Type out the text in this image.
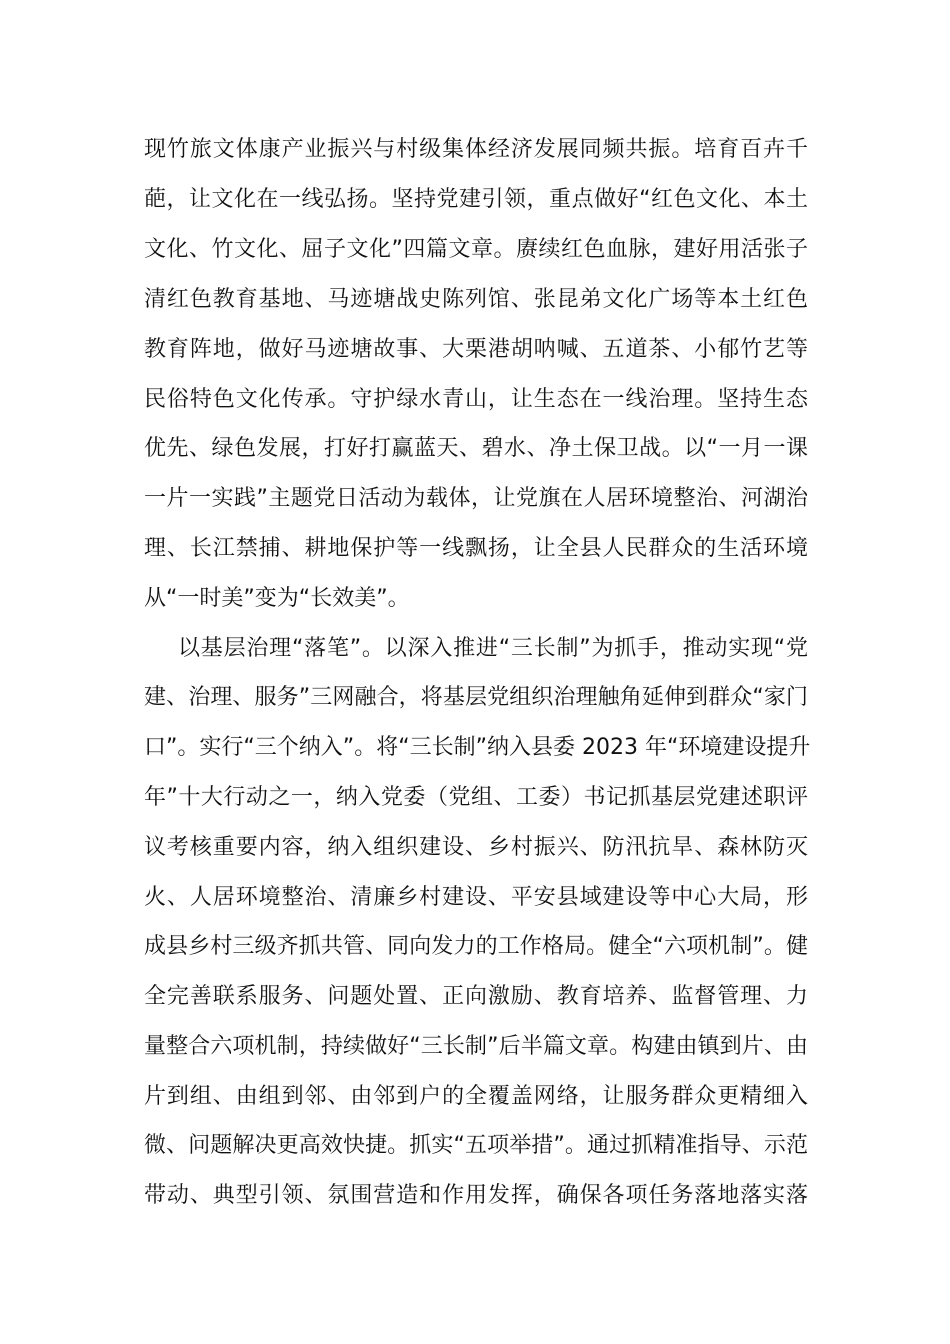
现竹旅文体康产业振兴与村级集体经济发展同频共振。培育百卉千
葩，让文化在一线弘扬。坚持党建引领，重点做好“红色文化、本土
文化、竹文化、屈子文化”四篇文章。赓续红色血脉，建好用活张子
清红色教育基地、马迹塘战史陈列馆、张昆弟文化广场等本土红色
教育阵地，做好马迹塘故事、大栗港胡呐喊、五道茶、小郁竹艺等
民俗特色文化传承。守护绿水青山，让生态在一线治理。坚持生态
优先、绿色发展，打好打赢蓝天、碧水、净土保卫战。以“一月一课
一片一实践”主题党日活动为载体，让党旗在人居环境整治、河湖治
理、长江禁捕、耕地保护等一线飘扬，让全县人民群众的生活环境
从“一时美”变为“长效美”。
以基层治理“落笔”。以深入推进“三长制”为抓手，推动实现“党
建、治理、服务”三网融合，将基层党组织治理触角延伸到群众“家门
口”。实行“三个纳入”。将“三长制”纳入县委 2023 年“环境建设提升
年”十大行动之一，纳入党委（党组、工委）书记抓基层党建述职评
议考核重要内容，纳入组织建设、乡村振兴、防汛抗旱、森林防灭
火、人居环境整治、清廉乡村建设、平安县域建设等中心大局，形
成县乡村三级齐抓共管、同向发力的工作格局。健全“六项机制”。健
全完善联系服务、问题处置、正向激励、教育培养、监督管理、力
量整合六项机制，持续做好“三长制”后半篇文章。构建由镇到片、由
片到组、由组到邻、由邻到户的全覆盖网络，让服务群众更精细入
微、问题解决更高效快捷。抓实“五项举措”。通过抓精准指导、示范
带动、典型引领、氛围营造和作用发挥，确保各项任务落地落实落
